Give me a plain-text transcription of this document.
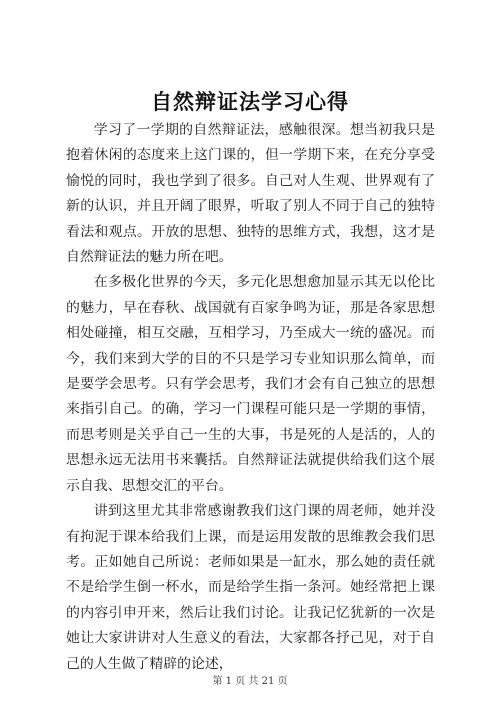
自然辩证法学习心得

学习了一学期的自然辩证法，感触很深。想当初我只是抱着休闲的态度来上这门课的，但一学期下来，在充分享受愉悦的同时，我也学到了很多。自己对人生观、世界观有了新的认识，并且开阔了眼界，听取了别人不同于自己的独特看法和观点。开放的思想、独特的思维方式，我想，这才是自然辩证法的魅力所在吧。

在多极化世界的今天，多元化思想愈加显示其无以伦比的魅力，早在春秋、战国就有百家争鸣为证，那是各家思想相处碰撞，相互交融，互相学习，乃至成大一统的盛况。而今，我们来到大学的目的不只是学习专业知识那么简单，而是要学会思考。只有学会思考，我们才会有自己独立的思想来指引自己。的确，学习一门课程可能只是一学期的事情，而思考则是关乎自己一生的大事，书是死的人是活的，人的思想永远无法用书来囊括。自然辩证法就提供给我们这个展示自我、思想交汇的平台。

讲到这里尤其非常感谢教我们这门课的周老师，她并没有拘泥于课本给我们上课，而是运用发散的思维教会我们思考。正如她自己所说：老师如果是一缸水，那么她的责任就不是给学生倒一杯水，而是给学生指一条河。她经常把上课的内容引申开来，然后让我们讨论。让我记忆犹新的一次是她让大家讲讲对人生意义的看法，大家都各抒己见，对于自己的人生做了精辟的论述，

第 1 页 共 21 页
